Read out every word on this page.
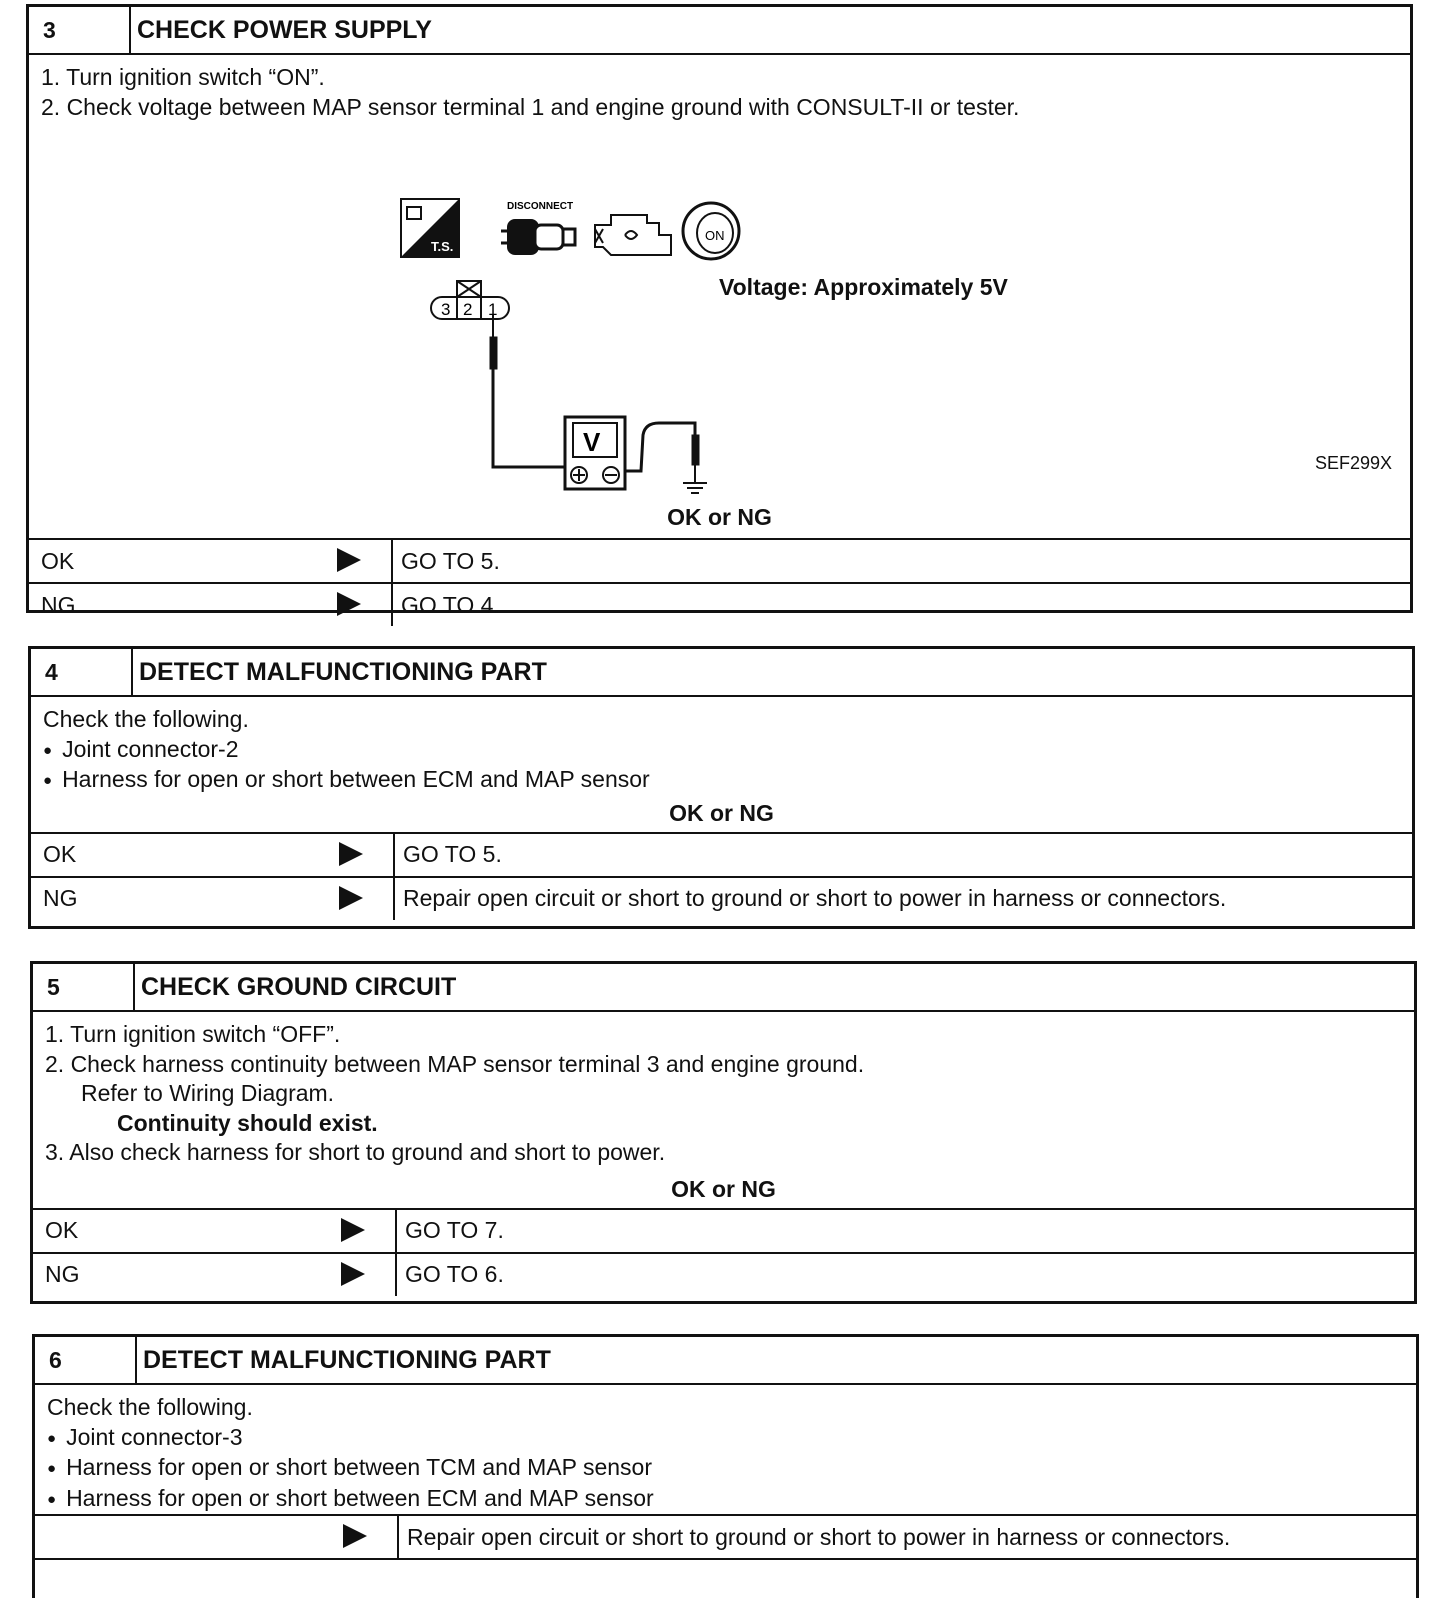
3	CHECK POWER SUPPLY
1. Turn ignition switch “ON”.
2. Check voltage between MAP sensor terminal 1 and engine ground with CONSULT-II or tester.
T.S.
DISCONNECT
ON
3 2 1
V
Voltage: Approximately 5V
SEF299X
OK or NG
OK	GO TO 5.
NG	GO TO 4.
4	DETECT MALFUNCTIONING PART
Check the following.
● Joint connector-2
● Harness for open or short between ECM and MAP sensor
OK or NG
OK	GO TO 5.
NG	Repair open circuit or short to ground or short to power in harness or connectors.
5	CHECK GROUND CIRCUIT
1. Turn ignition switch “OFF”.
2. Check harness continuity between MAP sensor terminal 3 and engine ground.
Refer to Wiring Diagram.
Continuity should exist.
3. Also check harness for short to ground and short to power.
OK or NG
OK	GO TO 7.
NG	GO TO 6.
6	DETECT MALFUNCTIONING PART
Check the following.
● Joint connector-3
● Harness for open or short between TCM and MAP sensor
● Harness for open or short between ECM and MAP sensor
Repair open circuit or short to ground or short to power in harness or connectors.
